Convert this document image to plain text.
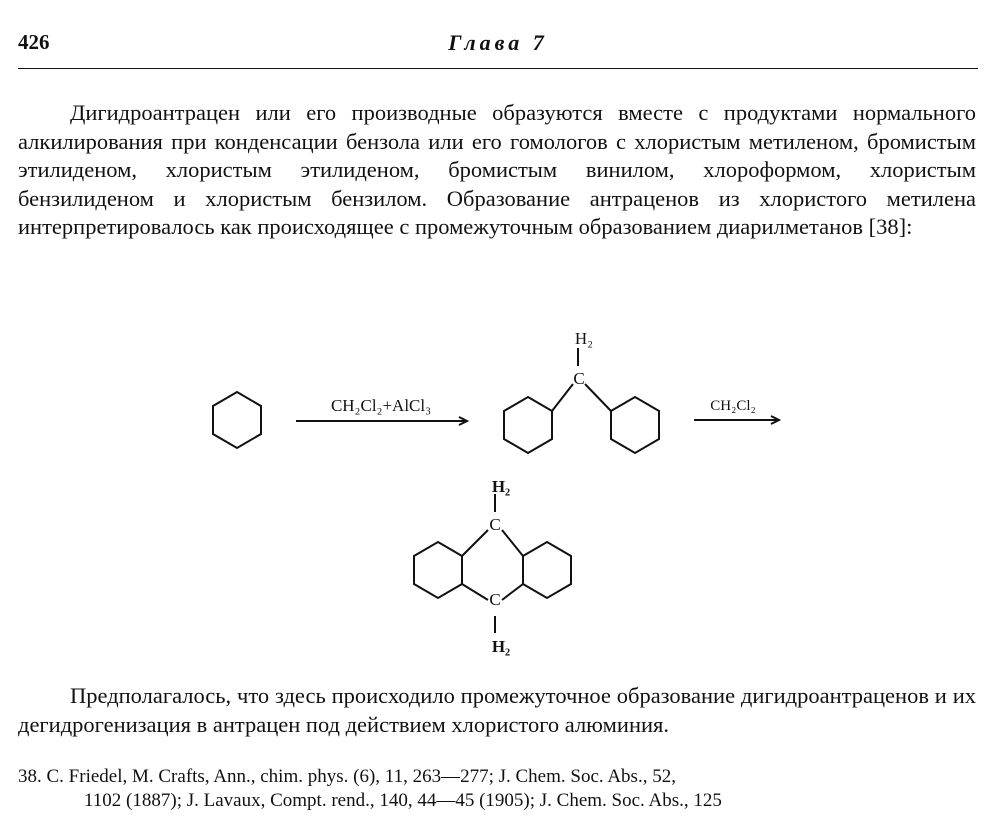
426	Глава 7
Дигидроантрацен или его производные образуются вместе с продуктами нормального алкилирования при конденсации бензола или его гомологов с хлористым метиленом, бромистым этилиденом, хлористым этилиденом, бромистым винилом, хлороформом, хлористым бензилиденом и хлористым бензилом. Образование антраценов из хлористого метилена интерпретировалось как происходящее с промежуточным образованием диарилметанов [38]:
CH₂Cl₂+AlCl₃	CH₂Cl₂
H₂
C
H₂
C
C
H₂
Предполагалось, что здесь происходило промежуточное образование дигидроантраценов и их дегидрогенизация в антрацен под действием хлористого алюминия.
38. C. Friedel, M. Crafts, Ann., chim. phys. (6), 11, 263—277; J. Chem. Soc. Abs., 52,
1102 (1887); J. Lavaux, Compt. rend., 140, 44—45 (1905); J. Chem. Soc. Abs., 125
